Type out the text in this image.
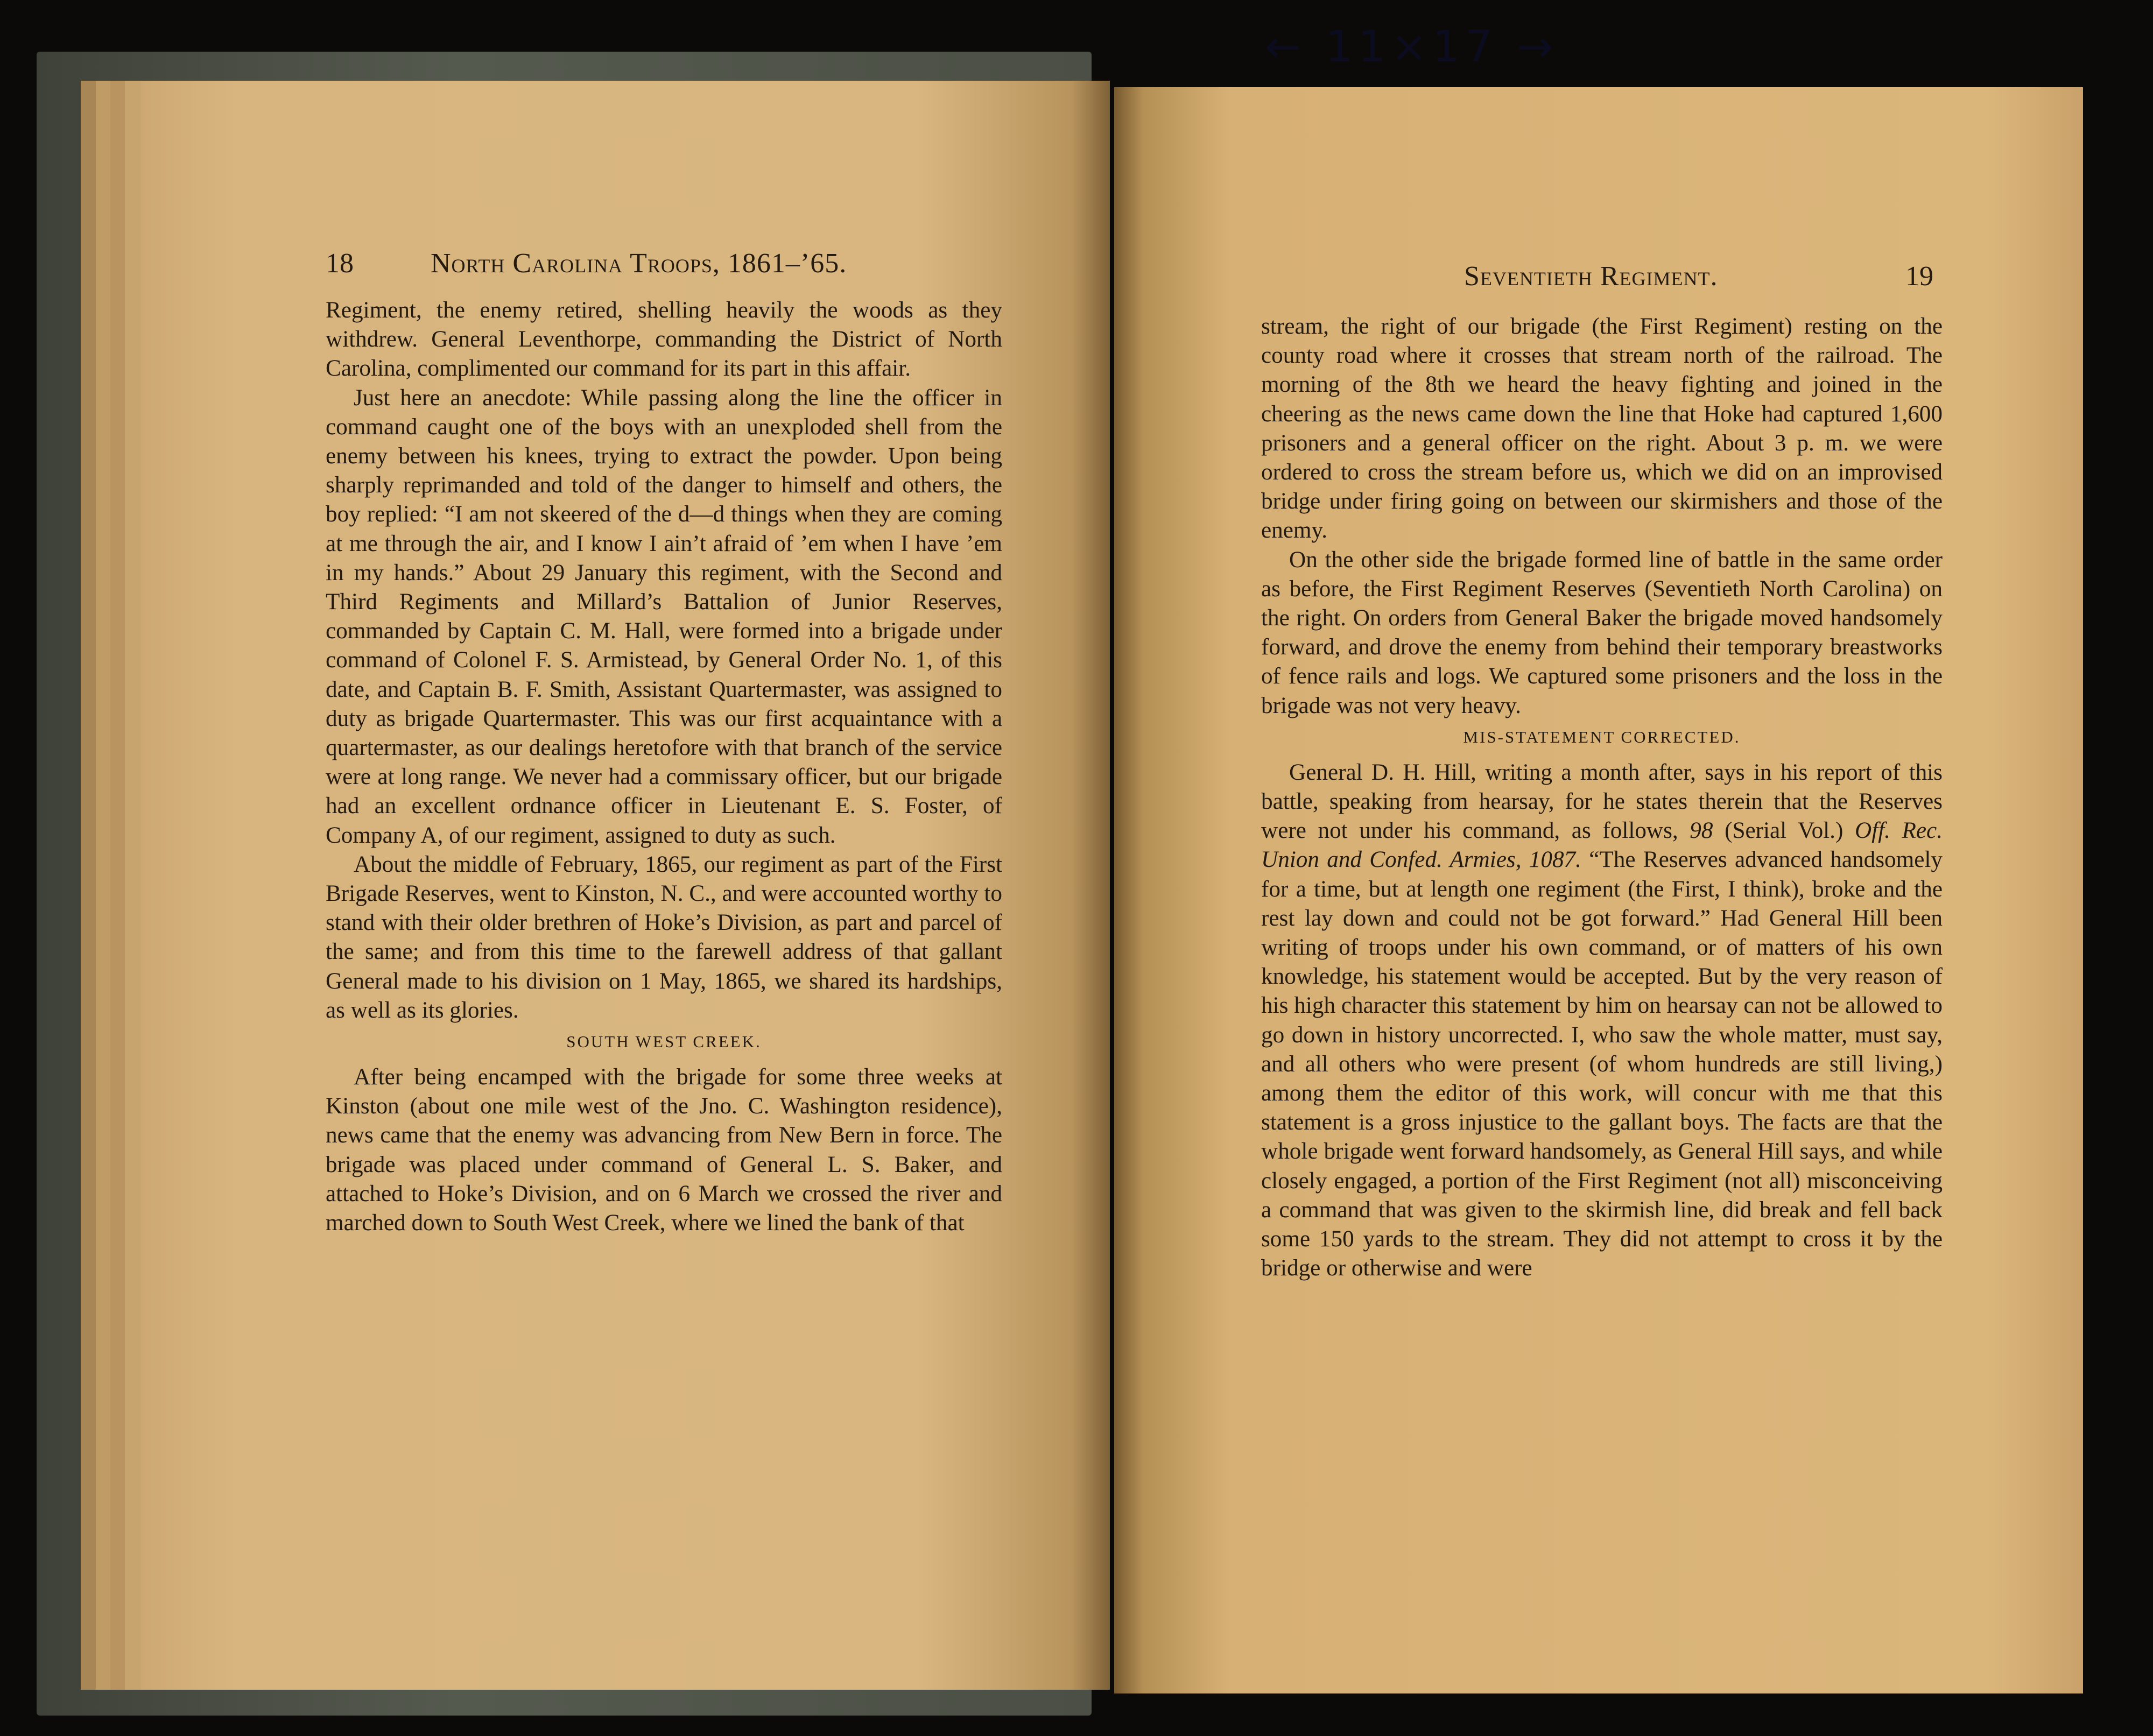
← 11×17 →
18	North Carolina Troops, 1861–’65.

Regiment, the enemy retired, shelling heavily the woods as they withdrew. General Leventhorpe, commanding the District of North Carolina, complimented our command for its part in this affair.

Just here an anecdote: While passing along the line the officer in command caught one of the boys with an unexploded shell from the enemy between his knees, trying to extract the powder. Upon being sharply reprimanded and told of the danger to himself and others, the boy replied: “I am not skeered of the d—d things when they are coming at me through the air, and I know I ain’t afraid of ’em when I have ’em in my hands.” About 29 January this regiment, with the Second and Third Regiments and Millard’s Battalion of Junior Reserves, commanded by Captain C. M. Hall, were formed into a brigade under command of Colonel F. S. Armistead, by General Order No. 1, of this date, and Captain B. F. Smith, Assistant Quartermaster, was assigned to duty as brigade Quartermaster. This was our first acquaintance with a quartermaster, as our dealings heretofore with that branch of the service were at long range. We never had a commissary officer, but our brigade had an excellent ordnance officer in Lieutenant E. S. Foster, of Company A, of our regiment, assigned to duty as such.

About the middle of February, 1865, our regiment as part of the First Brigade Reserves, went to Kinston, N. C., and were accounted worthy to stand with their older brethren of Hoke’s Division, as part and parcel of the same; and from this time to the farewell address of that gallant General made to his division on 1 May, 1865, we shared its hardships, as well as its glories.

SOUTH WEST CREEK.

After being encamped with the brigade for some three weeks at Kinston (about one mile west of the Jno. C. Washington residence), news came that the enemy was advancing from New Bern in force. The brigade was placed under command of General L. S. Baker, and attached to Hoke’s Division, and on 6 March we crossed the river and marched down to South West Creek, where we lined the bank of that

Seventieth Regiment.	19

stream, the right of our brigade (the First Regiment) resting on the county road where it crosses that stream north of the railroad. The morning of the 8th we heard the heavy fighting and joined in the cheering as the news came down the line that Hoke had captured 1,600 prisoners and a general officer on the right. About 3 p. m. we were ordered to cross the stream before us, which we did on an improvised bridge under firing going on between our skirmishers and those of the enemy.

On the other side the brigade formed line of battle in the same order as before, the First Regiment Reserves (Seventieth North Carolina) on the right. On orders from General Baker the brigade moved handsomely forward, and drove the enemy from behind their temporary breastworks of fence rails and logs. We captured some prisoners and the loss in the brigade was not very heavy.

MIS-STATEMENT CORRECTED.

General D. H. Hill, writing a month after, says in his report of this battle, speaking from hearsay, for he states therein that the Reserves were not under his command, as follows, 98 (Serial Vol.) Off. Rec. Union and Confed. Armies, 1087. “The Reserves advanced handsomely for a time, but at length one regiment (the First, I think), broke and the rest lay down and could not be got forward.” Had General Hill been writing of troops under his own command, or of matters of his own knowledge, his statement would be accepted. But by the very reason of his high character this statement by him on hearsay can not be allowed to go down in history uncorrected. I, who saw the whole matter, must say, and all others who were present (of whom hundreds are still living,) among them the editor of this work, will concur with me that this statement is a gross injustice to the gallant boys. The facts are that the whole brigade went forward handsomely, as General Hill says, and while closely engaged, a portion of the First Regiment (not all) misconceiving a command that was given to the skirmish line, did break and fell back some 150 yards to the stream. They did not attempt to cross it by the bridge or otherwise and were
